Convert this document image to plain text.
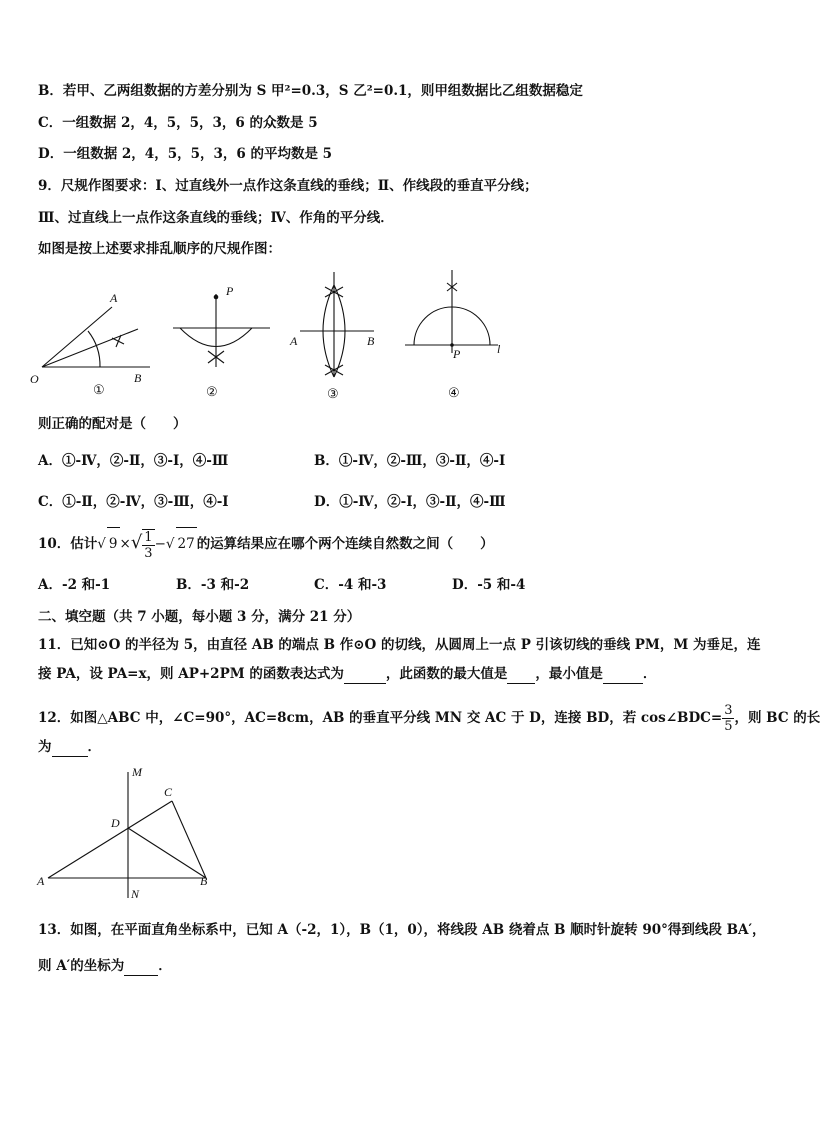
B．若甲、乙两组数据的方差分别为 S 甲²=0.3，S 乙²=0.1，则甲组数据比乙组数据稳定
C．一组数据 2，4，5，5，3，6 的众数是 5
D．一组数据 2，4，5，5，3，6 的平均数是 5
9．尺规作图要求：Ⅰ、过直线外一点作这条直线的垂线；Ⅱ、作线段的垂直平分线；
Ⅲ、过直线上一点作这条直线的垂线；Ⅳ、作角的平分线．
如图是按上述要求排乱顺序的尺规作图：
A
O	B
P
A	B
P	l
①	②	③	④
则正确的配对是（　　）
A．①-Ⅳ，②-Ⅱ，③-Ⅰ，④-Ⅲ	B．①-Ⅳ，②-Ⅲ，③-Ⅱ，④-Ⅰ
C．①-Ⅱ，②-Ⅳ，③-Ⅲ，④-Ⅰ	D．①-Ⅳ，②-Ⅰ，③-Ⅱ，④-Ⅲ
10．估计√ 9 ×√ $\frac{1}{3}$ −√ 27 的运算结果应在哪个两个连续自然数之间（　　）
A．-2 和-1	B．-3 和-2	C．-4 和-3	D．-5 和-4
二、填空题（共 7 小题，每小题 3 分，满分 21 分）
11．已知⊙O 的半径为 5，由直径 AB 的端点 B 作⊙O 的切线，从圆周上一点 P 引该切线的垂线 PM，M 为垂足，连
接 PA，设 PA=x，则 AP+2PM 的函数表达式为	，此函数的最大值是 ，最小值是	．
12．如图△ABC 中，∠C=90°，AC=8cm，AB 的垂直平分线 MN 交 AC 于 D，连接 BD，若 cos∠BDC= $\frac{3}{5}$ ，则 BC 的长
为	．
M
C
D
A
N
B
13．如图，在平面直角坐标系中，已知 A（-2，1），B（1，0），将线段 AB 绕着点 B 顺时针旋转 90°得到线段 BA′，
则 A′的坐标为	．
